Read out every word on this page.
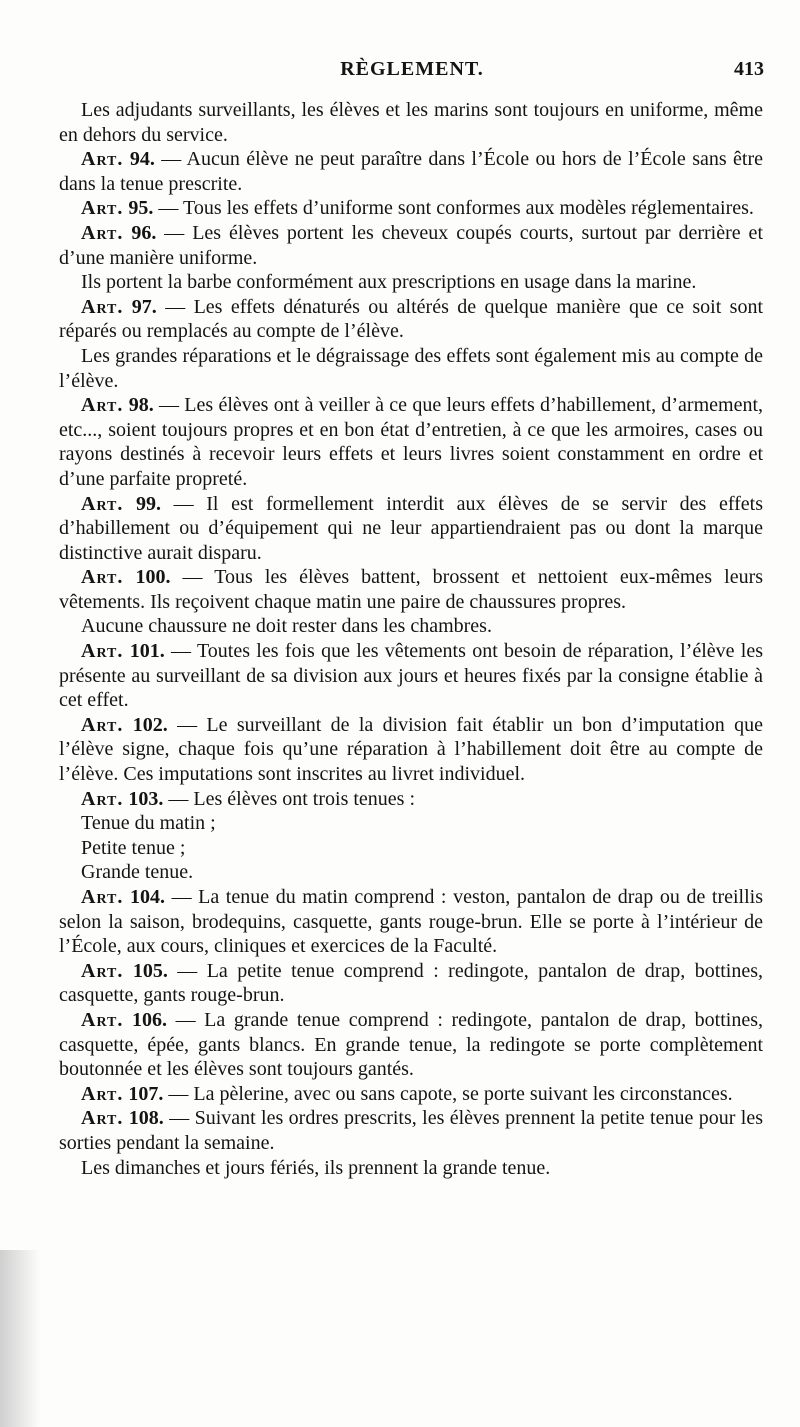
RÈGLEMENT.	413

Les adjudants surveillants, les élèves et les marins sont toujours en uniforme, même en dehors du service.

Art. 94. — Aucun élève ne peut paraître dans l’École ou hors de l’École sans être dans la tenue prescrite.

Art. 95. — Tous les effets d’uniforme sont conformes aux modèles réglementaires.

Art. 96. — Les élèves portent les cheveux coupés courts, surtout par derrière et d’une manière uniforme.

Ils portent la barbe conformément aux prescriptions en usage dans la marine.

Art. 97. — Les effets dénaturés ou altérés de quelque manière que ce soit sont réparés ou remplacés au compte de l’élève.

Les grandes réparations et le dégraissage des effets sont également mis au compte de l’élève.

Art. 98. — Les élèves ont à veiller à ce que leurs effets d’habillement, d’armement, etc..., soient toujours propres et en bon état d’entretien, à ce que les armoires, cases ou rayons destinés à recevoir leurs effets et leurs livres soient constamment en ordre et d’une parfaite propreté.

Art. 99. — Il est formellement interdit aux élèves de se servir des effets d’habillement ou d’équipement qui ne leur appartiendraient pas ou dont la marque distinctive aurait disparu.

Art. 100. — Tous les élèves battent, brossent et nettoient eux-mêmes leurs vêtements. Ils reçoivent chaque matin une paire de chaussures propres.

Aucune chaussure ne doit rester dans les chambres.

Art. 101. — Toutes les fois que les vêtements ont besoin de réparation, l’élève les présente au surveillant de sa division aux jours et heures fixés par la consigne établie à cet effet.

Art. 102. — Le surveillant de la division fait établir un bon d’imputation que l’élève signe, chaque fois qu’une réparation à l’habillement doit être au compte de l’élève. Ces imputations sont inscrites au livret individuel.

Art. 103. — Les élèves ont trois tenues :

Tenue du matin ;
Petite tenue ;
Grande tenue.

Art. 104. — La tenue du matin comprend : veston, pantalon de drap ou de treillis selon la saison, brodequins, casquette, gants rouge-brun. Elle se porte à l’intérieur de l’École, aux cours, cliniques et exercices de la Faculté.

Art. 105. — La petite tenue comprend : redingote, pantalon de drap, bottines, casquette, gants rouge-brun.

Art. 106. — La grande tenue comprend : redingote, pantalon de drap, bottines, casquette, épée, gants blancs. En grande tenue, la redingote se porte complètement boutonnée et les élèves sont toujours gantés.

Art. 107. — La pèlerine, avec ou sans capote, se porte suivant les circonstances.

Art. 108. — Suivant les ordres prescrits, les élèves prennent la petite tenue pour les sorties pendant la semaine.

Les dimanches et jours fériés, ils prennent la grande tenue.
